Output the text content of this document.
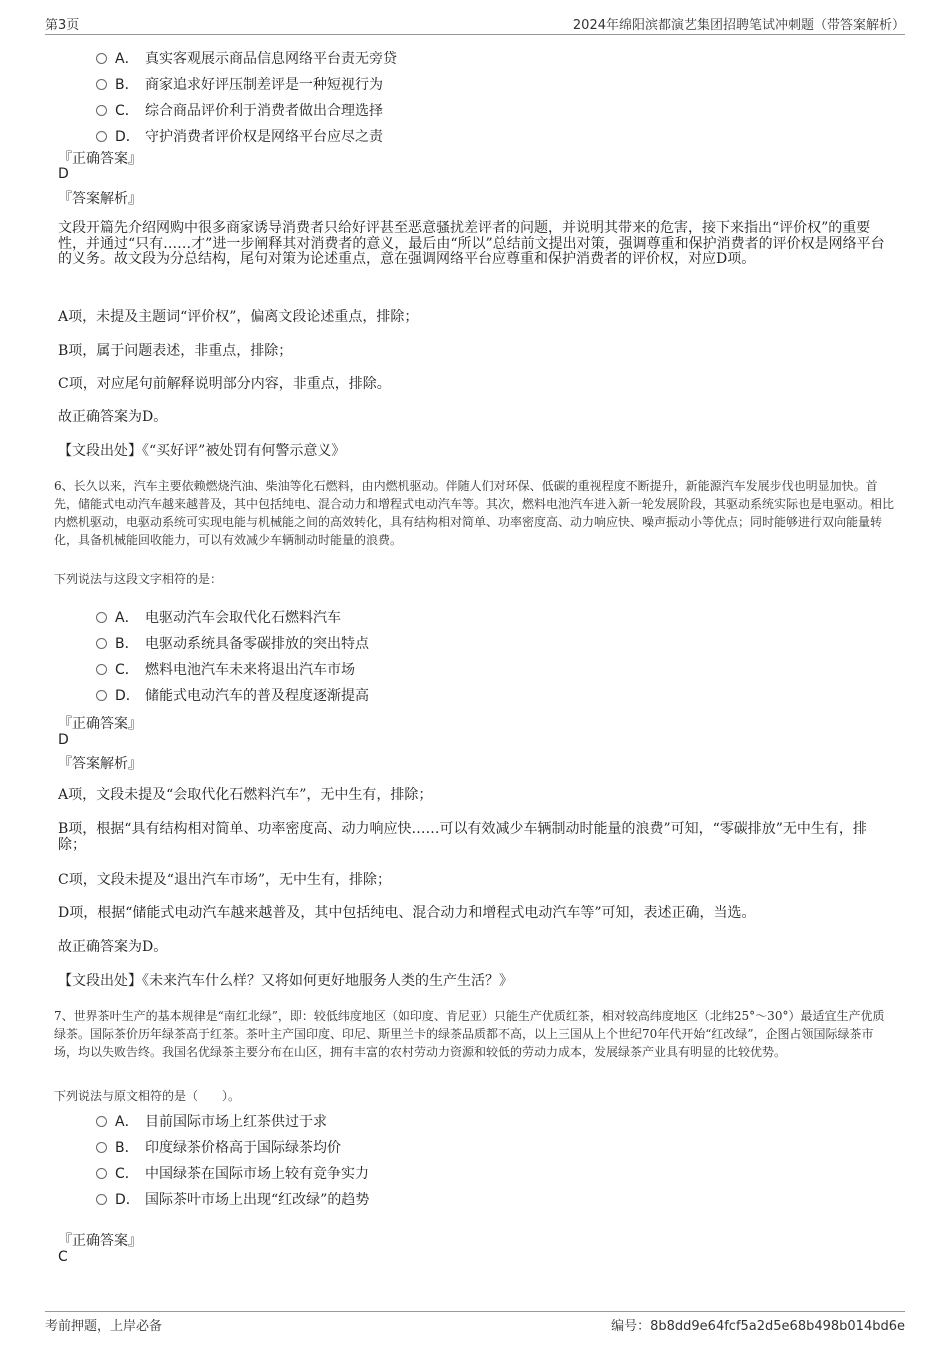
第3页	2024年绵阳滨都演艺集团招聘笔试冲刺题（带答案解析）
A． 真实客观展示商品信息网络平台责无旁贷
B． 商家追求好评压制差评是一种短视行为
C． 综合商品评价利于消费者做出合理选择
D． 守护消费者评价权是网络平台应尽之责
『正确答案』
D
『答案解析』
文段开篇先介绍网购中很多商家诱导消费者只给好评甚至恶意骚扰差评者的问题，并说明其带来的危害，接下来指出“评价权”的重要性，并通过“只有……才”进一步阐释其对消费者的意义，最后由“所以”总结前文提出对策，强调尊重和保护消费者的评价权是网络平台的义务。故文段为分总结构，尾句对策为论述重点，意在强调网络平台应尊重和保护消费者的评价权，对应D项。
A项，未提及主题词“评价权”，偏离文段论述重点，排除；
B项，属于问题表述，非重点，排除；
C项，对应尾句前解释说明部分内容，非重点，排除。
故正确答案为D。
【文段出处】《“买好评”被处罚有何警示意义》
6、长久以来，汽车主要依赖燃烧汽油、柴油等化石燃料，由内燃机驱动。伴随人们对环保、低碳的重视程度不断提升，新能源汽车发展步伐也明显加快。首先，储能式电动汽车越来越普及，其中包括纯电、混合动力和增程式电动汽车等。其次，燃料电池汽车进入新一轮发展阶段，其驱动系统实际也是电驱动。相比内燃机驱动，电驱动系统可实现电能与机械能之间的高效转化，具有结构相对简单、功率密度高、动力响应快、噪声振动小等优点；同时能够进行双向能量转化，具备机械能回收能力，可以有效减少车辆制动时能量的浪费。
下列说法与这段文字相符的是：
A． 电驱动汽车会取代化石燃料汽车
B． 电驱动系统具备零碳排放的突出特点
C． 燃料电池汽车未来将退出汽车市场
D． 储能式电动汽车的普及程度逐渐提高
『正确答案』
D
『答案解析』
A项，文段未提及“会取代化石燃料汽车”，无中生有，排除；
B项，根据“具有结构相对简单、功率密度高、动力响应快……可以有效减少车辆制动时能量的浪费”可知，“零碳排放”无中生有，排除；
C项，文段未提及“退出汽车市场”，无中生有，排除；
D项，根据“储能式电动汽车越来越普及，其中包括纯电、混合动力和增程式电动汽车等”可知，表述正确，当选。
故正确答案为D。
【文段出处】《未来汽车什么样？又将如何更好地服务人类的生产生活？》
7、世界茶叶生产的基本规律是“南红北绿”，即：较低纬度地区（如印度、肯尼亚）只能生产优质红茶，相对较高纬度地区（北纬25°～30°）最适宜生产优质绿茶。国际茶价历年绿茶高于红茶。茶叶主产国印度、印尼、斯里兰卡的绿茶品质都不高，以上三国从上个世纪70年代开始“红改绿”，企图占领国际绿茶市场，均以失败告终。我国名优绿茶主要分布在山区，拥有丰富的农村劳动力资源和较低的劳动力成本，发展绿茶产业具有明显的比较优势。
下列说法与原文相符的是（　　）。
A． 目前国际市场上红茶供过于求
B． 印度绿茶价格高于国际绿茶均价
C． 中国绿茶在国际市场上较有竞争实力
D． 国际茶叶市场上出现“红改绿”的趋势
『正确答案』
C
考前押题，上岸必备	编号：8b8dd9e64fcf5a2d5e68b498b014bd6e
